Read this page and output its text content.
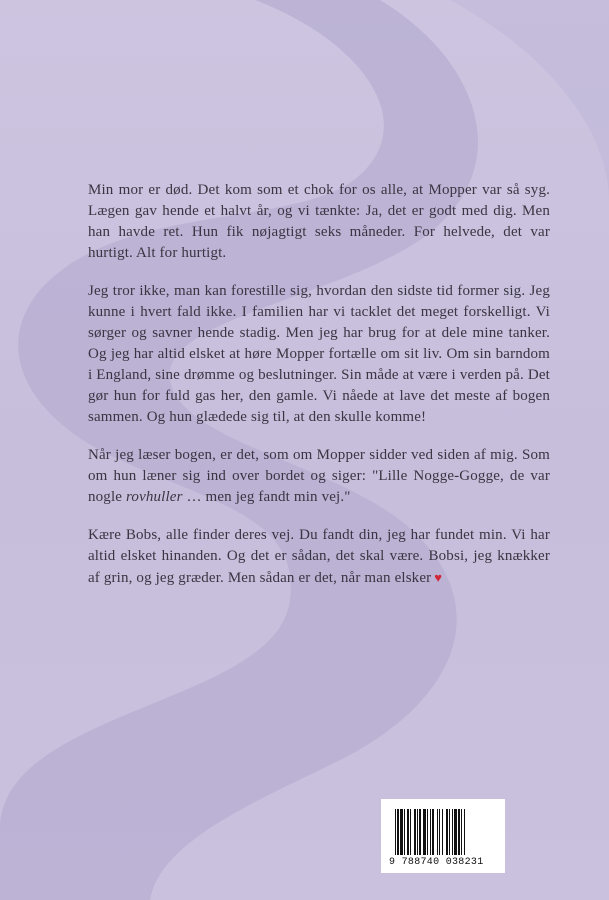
Min mor er død. Det kom som et chok for os alle, at Mopper var så syg. Lægen gav hende et halvt år, og vi tænkte: Ja, det er godt med dig. Men han havde ret. Hun fik nøjagtigt seks måneder. For helvede, det var hurtigt. Alt for hurtigt.

Jeg tror ikke, man kan forestille sig, hvordan den sidste tid former sig. Jeg kunne i hvert fald ikke. I familien har vi tacklet det meget forskelligt. Vi sørger og savner hende stadig. Men jeg har brug for at dele mine tanker. Og jeg har altid elsket at høre Mopper fortælle om sit liv. Om sin barndom i England, sine drømme og beslutninger. Sin måde at være i verden på. Det gør hun for fuld gas her, den gamle. Vi nåede at lave det meste af bogen sammen. Og hun glædede sig til, at den skulle komme!

Når jeg læser bogen, er det, som om Mopper sidder ved siden af mig. Som om hun læner sig ind over bordet og siger: "Lille Nogge-Gogge, de var nogle rovhuller … men jeg fandt min vej."

Kære Bobs, alle finder deres vej. Du fandt din, jeg har fundet min. Vi har altid elsket hinanden. Og det er sådan, det skal være. Bobsi, jeg knækker af grin, og jeg græder. Men sådan er det, når man elsker ♥

9 788740 038231
